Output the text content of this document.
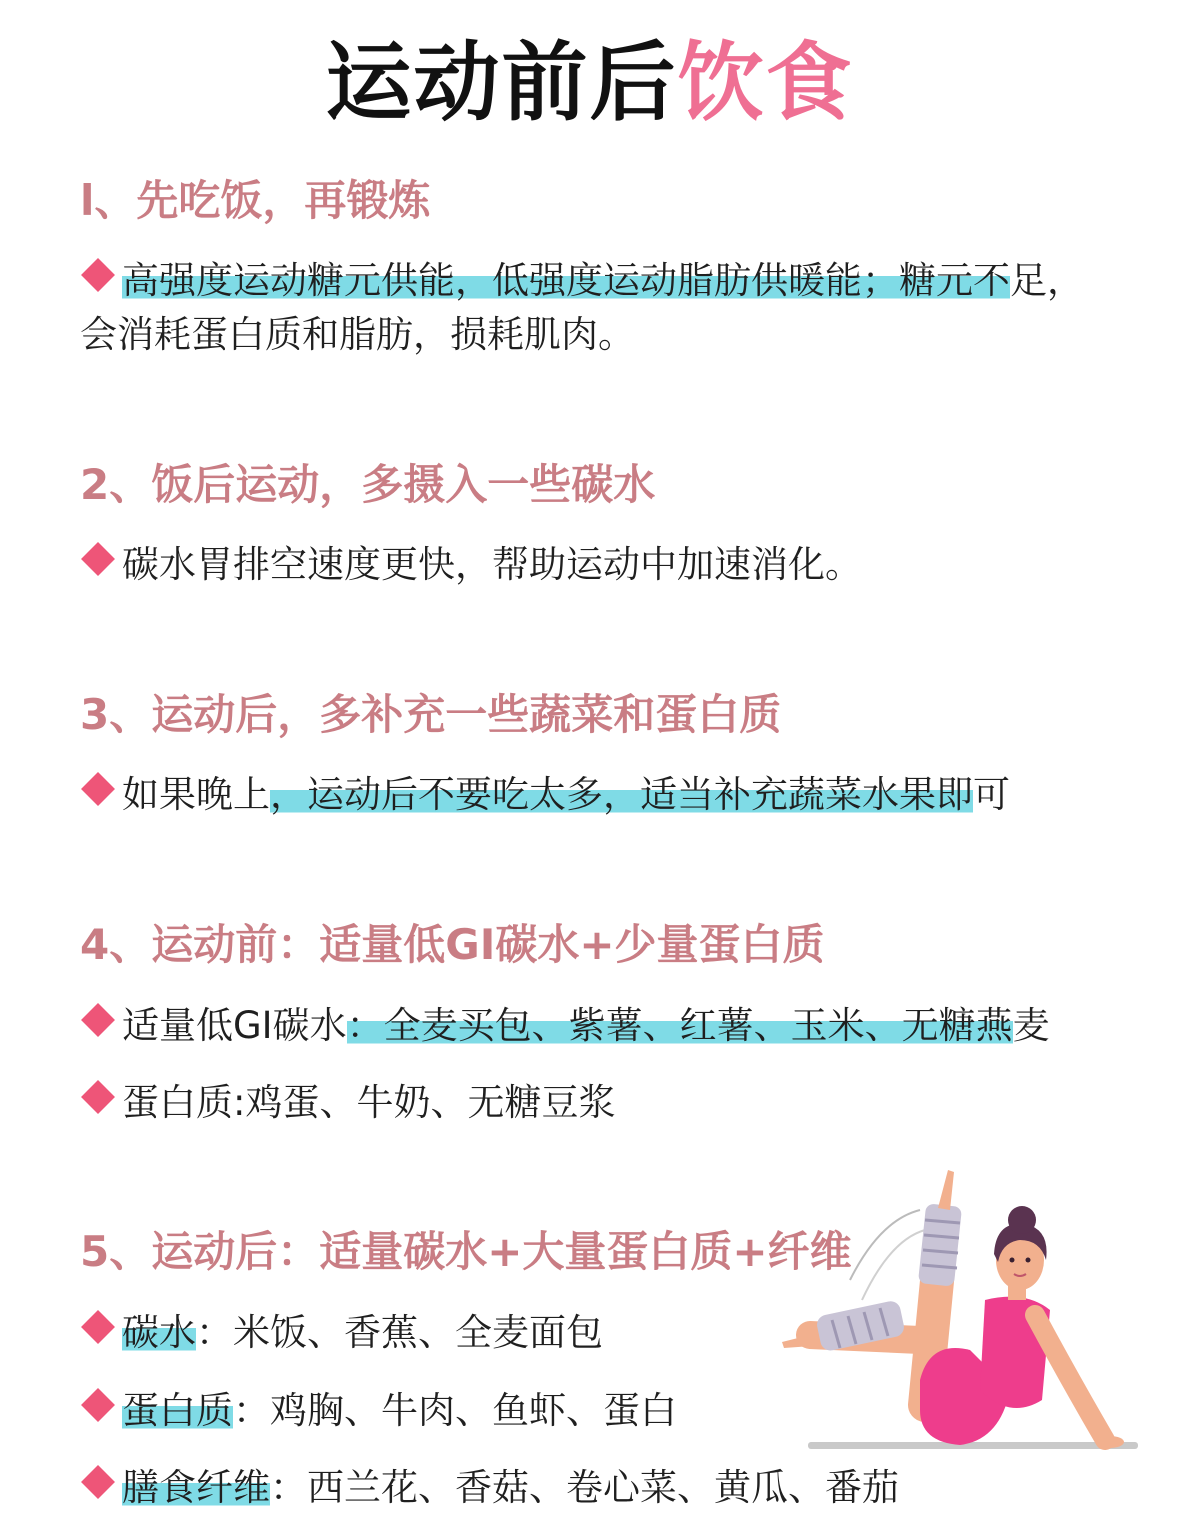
运动前后饮食
l、先吃饭，再锻炼
高强度运动糖元供能，低强度运动脂肪供暖能；糖元不足，
会消耗蛋白质和脂肪，损耗肌肉。
2、饭后运动，多摄入一些碳水
碳水胃排空速度更快，帮助运动中加速消化。
3、运动后，多补充一些蔬菜和蛋白质
如果晚上，运动后不要吃太多，适当补充蔬菜水果即可
4、运动前：适量低GI碳水+少量蛋白质
适量低GI碳水：全麦买包、紫薯、红薯、玉米、无糖燕麦
蛋白质:鸡蛋、牛奶、无糖豆浆
5、运动后：适量碳水+大量蛋白质+纤维
碳水：米饭、香蕉、全麦面包
蛋白质：鸡胸、牛肉、鱼虾、蛋白
膳食纤维：西兰花、香菇、卷心菜、黄瓜、番茄
